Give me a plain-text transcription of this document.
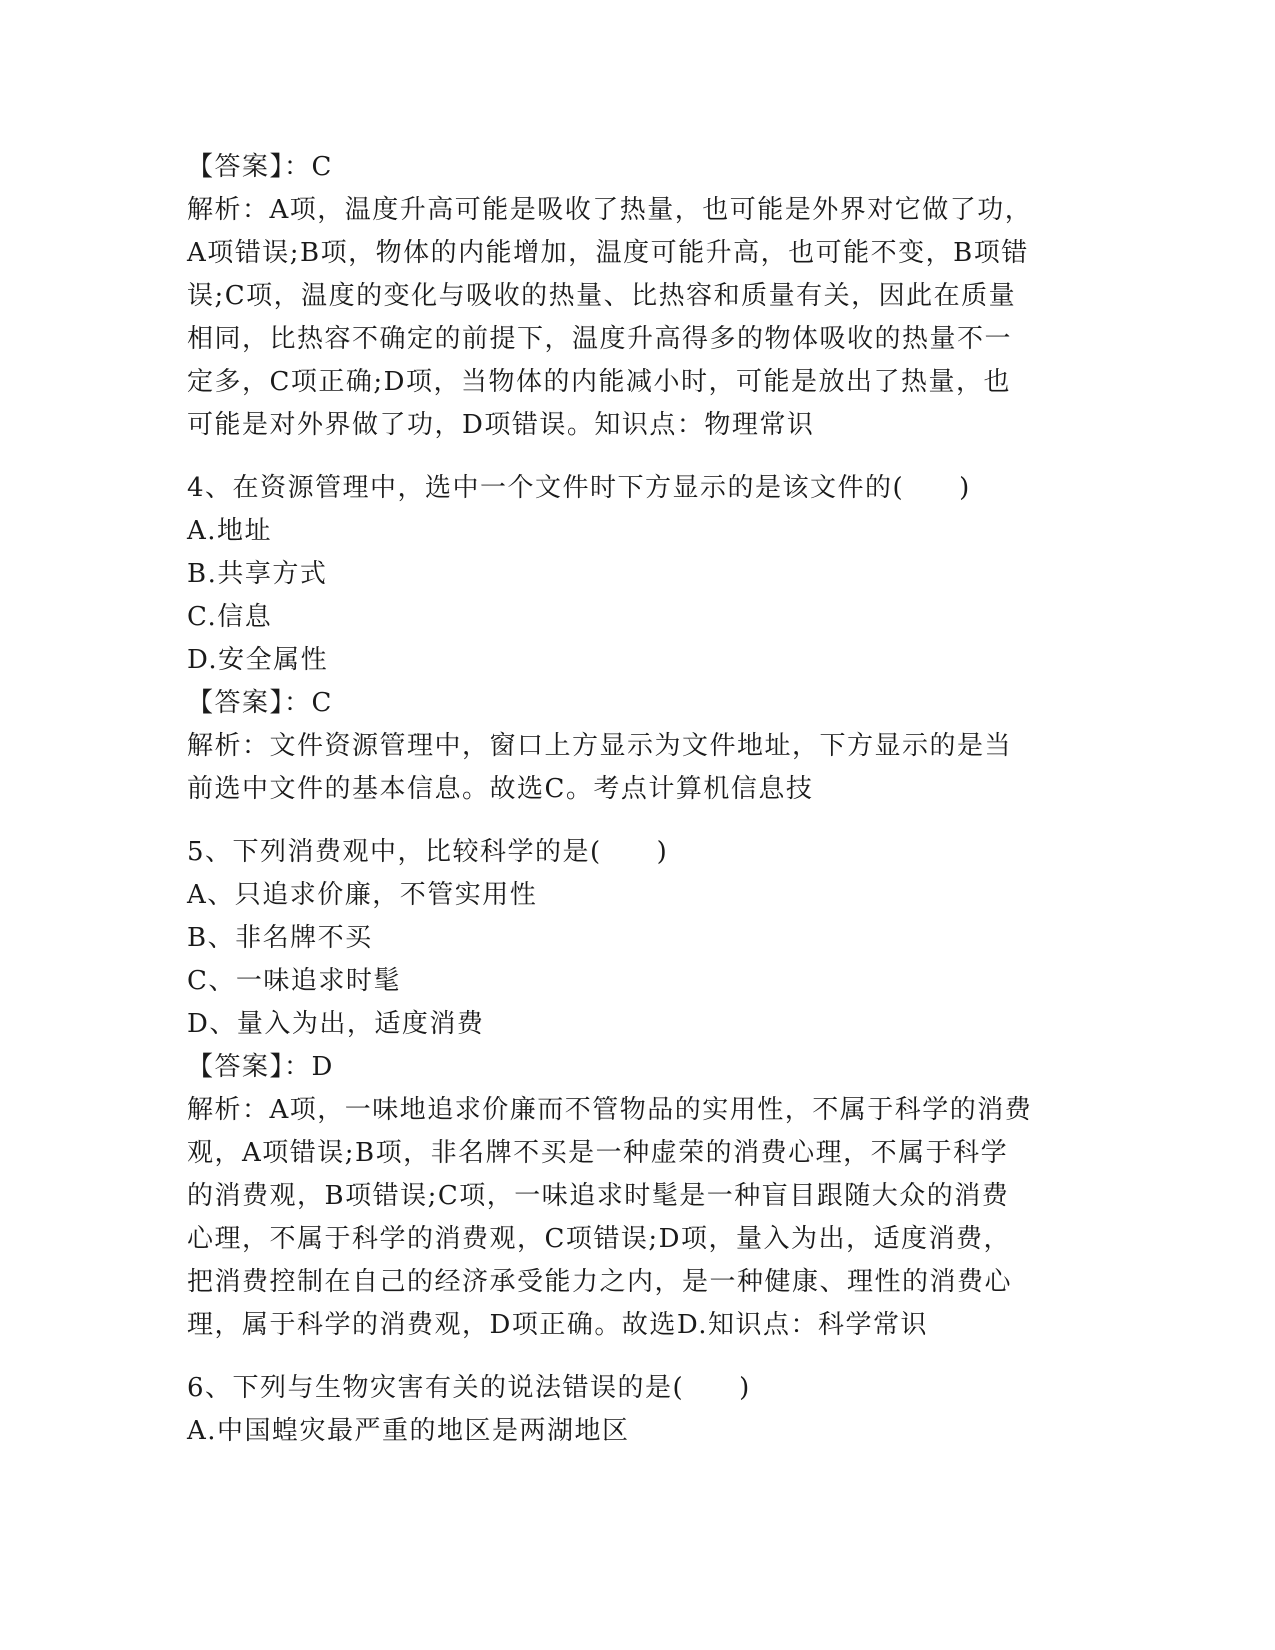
【答案】：C
解析：A项，温度升高可能是吸收了热量，也可能是外界对它做了功，
A项错误;B项，物体的内能增加，温度可能升高，也可能不变，B项错
误;C项，温度的变化与吸收的热量、比热容和质量有关，因此在质量
相同，比热容不确定的前提下，温度升高得多的物体吸收的热量不一
定多，C项正确;D项，当物体的内能减小时，可能是放出了热量，也
可能是对外界做了功，D项错误。知识点：物理常识
4、在资源管理中，选中一个文件时下方显示的是该文件的(　　)
A.地址
B.共享方式
C.信息
D.安全属性
【答案】：C
解析：文件资源管理中，窗口上方显示为文件地址，下方显示的是当
前选中文件的基本信息。故选C。考点计算机信息技
5、下列消费观中，比较科学的是(　　)
A、只追求价廉，不管实用性
B、非名牌不买
C、一味追求时髦
D、量入为出，适度消费
【答案】：D
解析：A项，一味地追求价廉而不管物品的实用性，不属于科学的消费
观，A项错误;B项，非名牌不买是一种虚荣的消费心理，不属于科学
的消费观，B项错误;C项，一味追求时髦是一种盲目跟随大众的消费
心理，不属于科学的消费观，C项错误;D项，量入为出，适度消费，
把消费控制在自己的经济承受能力之内，是一种健康、理性的消费心
理，属于科学的消费观，D项正确。故选D.知识点：科学常识
6、下列与生物灾害有关的说法错误的是(　　)
A.中国蝗灾最严重的地区是两湖地区
